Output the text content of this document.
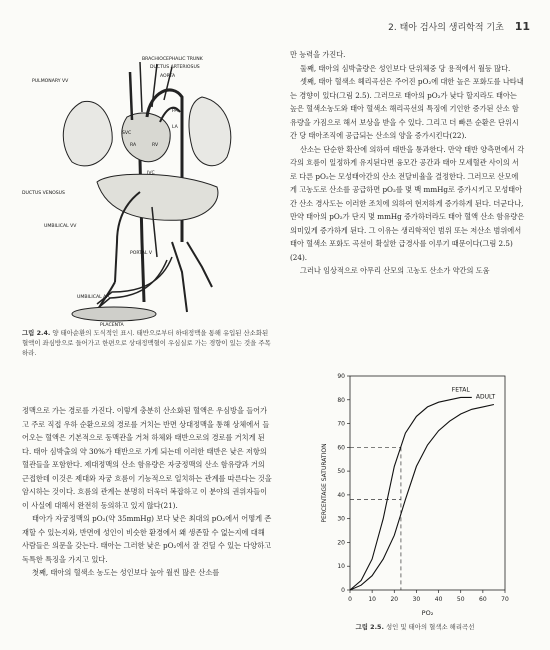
2. 태아 검사의 생리학적 기초 11
BRACHIOCEPHALIC TRUNK
DUCTUS ARTERIOSUS
AORTA
PULMONARY VV
PA
LA
SVC
RA	RV
IVC
DUCTUS VENOSUS
UMBILICAL VV
PORTAL V
UMBILICAL AA
PLACENTA
그림 2.4. 양 태아순환의 도식적인 표시. 태반으로부터 하대정맥을 통해 유입된 산소화된 혈액이 좌심방으로 들어가고 한편으로 상대정맥혈이 우심실로 가는 경향이 있는 것을 주목하라.

만 능력을 가진다.

둘째, 태아의 심박출량은 성인보다 단위체중 당 용적에서 월등 많다.

셋째, 태아 혈색소 헤리곡선은 주어진 pO₂에 대한 높은 포화도를 나타내는 경향이 있다(그림 2.5). 그러므로 태아의 pO₂가 낮다 할지라도 태아는 높은 혈색소농도와 태아 혈색소 해리곡선의 특징에 기인한 증가된 산소 함유량을 가짐으로 해서 보상을 받을 수 있다. 그리고 더 빠른 순환은 단위시간 당 태아조직에 공급되는 산소의 양을 증가시킨다(22).

산소는 단순한 확산에 의하여 태반을 통과한다. 만약 태반 양측면에서 각각의 흐름이 일정하게 유지된다면 융모간 공간과 태아 모세혈관 사이의 서로 다른 pO₂는 모성태아간의 산소 전달비율을 결정한다. 그러므로 산모에게 고농도로 산소를 공급하면 pO₂를 몇 백 mmHg로 증가시키고 모성태아간 산소 경사도는 이러한 조치에 의하여 현저하게 증가하게 된다. 더군다나, 만약 태아의 pO₂가 단지 몇 mmHg 증가하더라도 태아 혈액 산소 함유량은 의미있게 증가하게 된다. 그 이유는 생리학적인 범위 또는 저산소 범위에서 태아 혈색소 포화도 곡선이 확실한 급경사를 이루기 때문이다(그림 2.5)(24).

그러나 임상적으로 아무리 산모의 고농도 산소가 약간의 도움

정맥으로 가는 경로를 가진다. 이렇게 충분히 산소화된 혈액은 우심방을 들어가고 주로 직접 우하 순환으로의 경로를 거치는 반면 상대정맥을 통해 상체에서 들어오는 혈액은 기본적으로 동맥관을 거쳐 하체와 태반으로의 경로를 거치게 된다. 태아 심박출의 약 30%가 태반으로 가게 되는데 이러한 태반은 낮은 저항의 혈관들을 포함한다. 제대정맥의 산소 함유량은 자궁정맥의 산소 함유량과 거의 근접한데 이것은 제대와 자궁 흐름이 기능적으로 일치하는 관계를 따른다는 것을 암시하는 것이다. 흐름의 관계는 분명히 더욱더 복잡하고 이 분야의 권위자들이 이 사실에 대해서 완전히 동의하고 있지 않다(21).

태아가 자궁정맥의 pO₂(약 35mmHg) 보다 낮은 최대의 pO₂에서 어떻게 존재할 수 있는지와, 반면에 성인이 비슷한 환경에서 왜 생존할 수 없는지에 대해 사람들은 의문을 갖는다. 태아는 그러한 낮은 pO₂에서 잘 견딜 수 있는 다양하고 독특한 특징을 가지고 있다.

첫째, 태아의 혈색소 농도는 성인보다 높아 월씬 많은 산소를

0
10
20
30
40
50
60
70
80
90
0	10 20 30 40 50 60 70
PO₂
PERCENTAGE SATURATION
FETAL
ADULT
그림 2.5. 성인 및 태아의 혈색소 해리곡선
